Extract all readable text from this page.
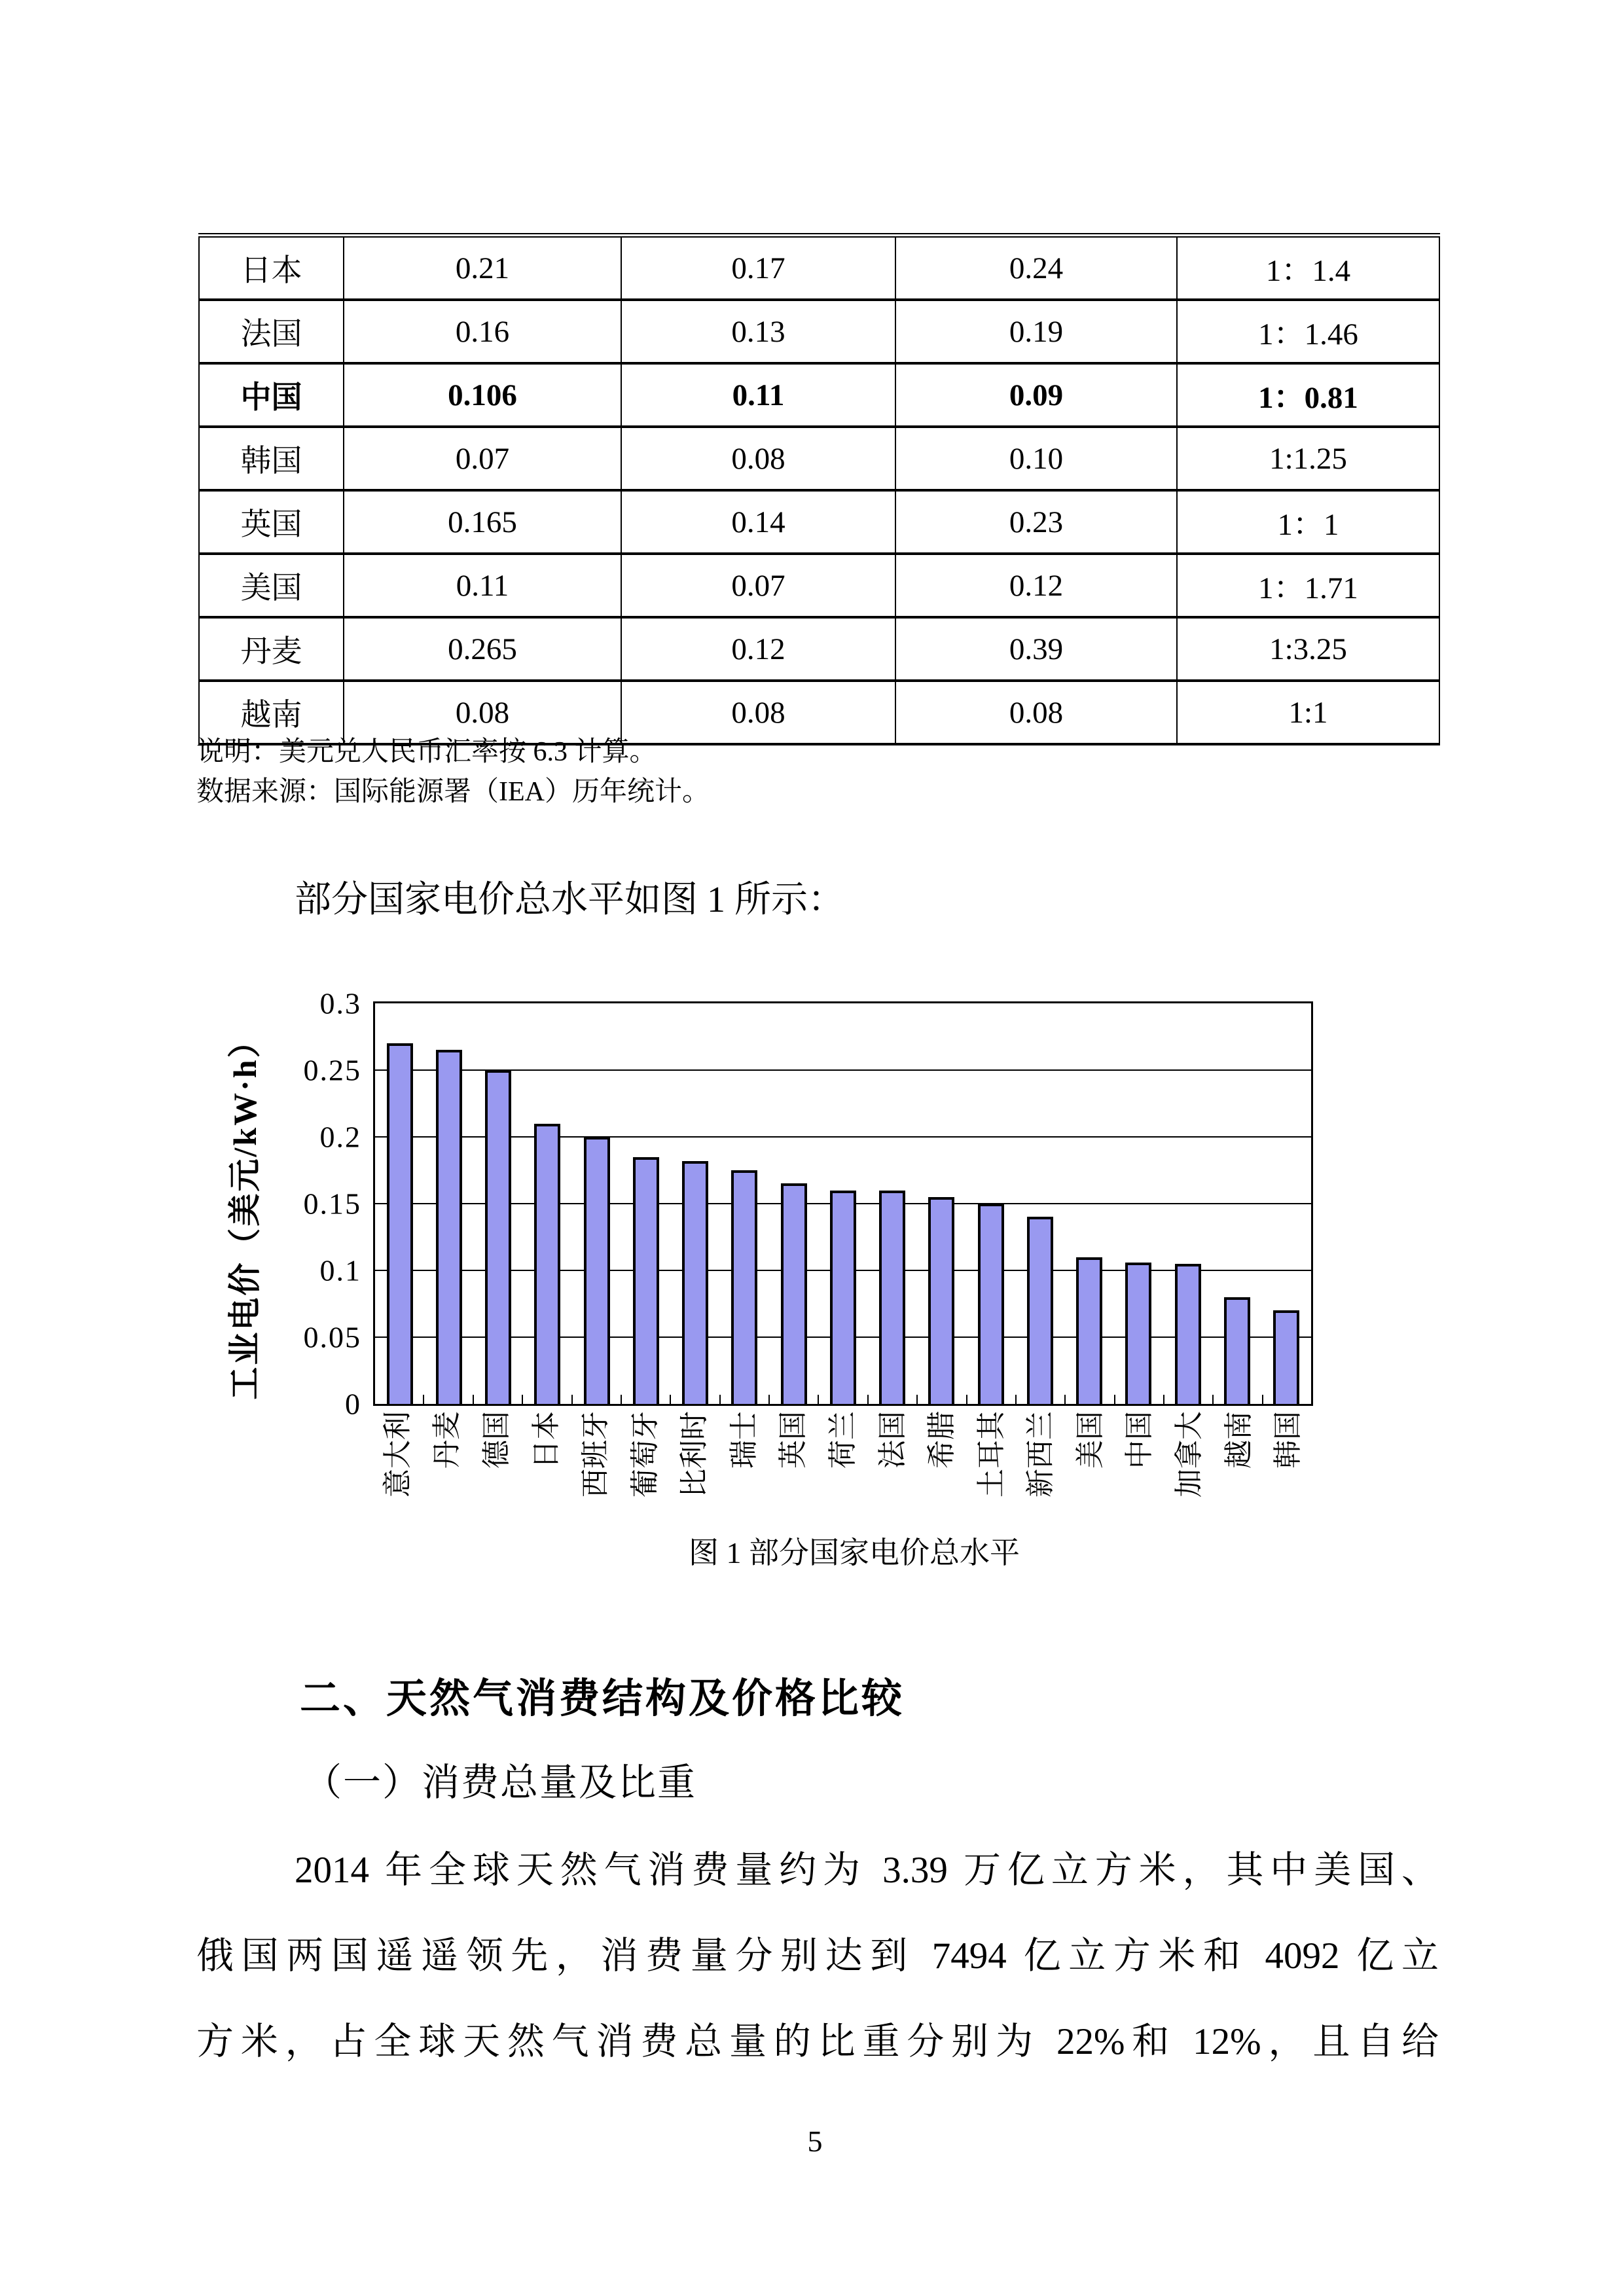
日本	0.21	0.17	0.24	1：1.4
法国	0.16	0.13	0.19	1：1.46
中国	0.106	0.11	0.09	1：0.81
韩国	0.07	0.08	0.10	1:1.25
英国	0.165	0.14	0.23	1：1
美国	0.11	0.07	0.12	1：1.71
丹麦	0.265	0.12	0.39	1:3.25
越南	0.08	0.08	0.08	1:1
说明：美元兑人民币汇率按 6.3 计算。
数据来源：国际能源署（IEA）历年统计。

部分国家电价总水平如图 1 所示：

工业电价（美元/kW·h）
0.3
0.25
0.2
0.15
0.1
0.05
0
意大利 丹麦 德国 日本 西班牙 葡萄牙 比利时 瑞士 英国 荷兰 法国 希腊 土耳其 新西兰 美国 中国 加拿大 越南 韩国
图 1 部分国家电价总水平
二、天然气消费结构及价格比较
（一）消费总量及比重
2014 年全球天然气消费量约为 3.39 万亿立方米，其中美国、
俄国两国遥遥领先，消费量分别达到 7494 亿立方米和 4092 亿立
方米，占全球天然气消费总量的比重分别为 22%和 12%，且自给
5
